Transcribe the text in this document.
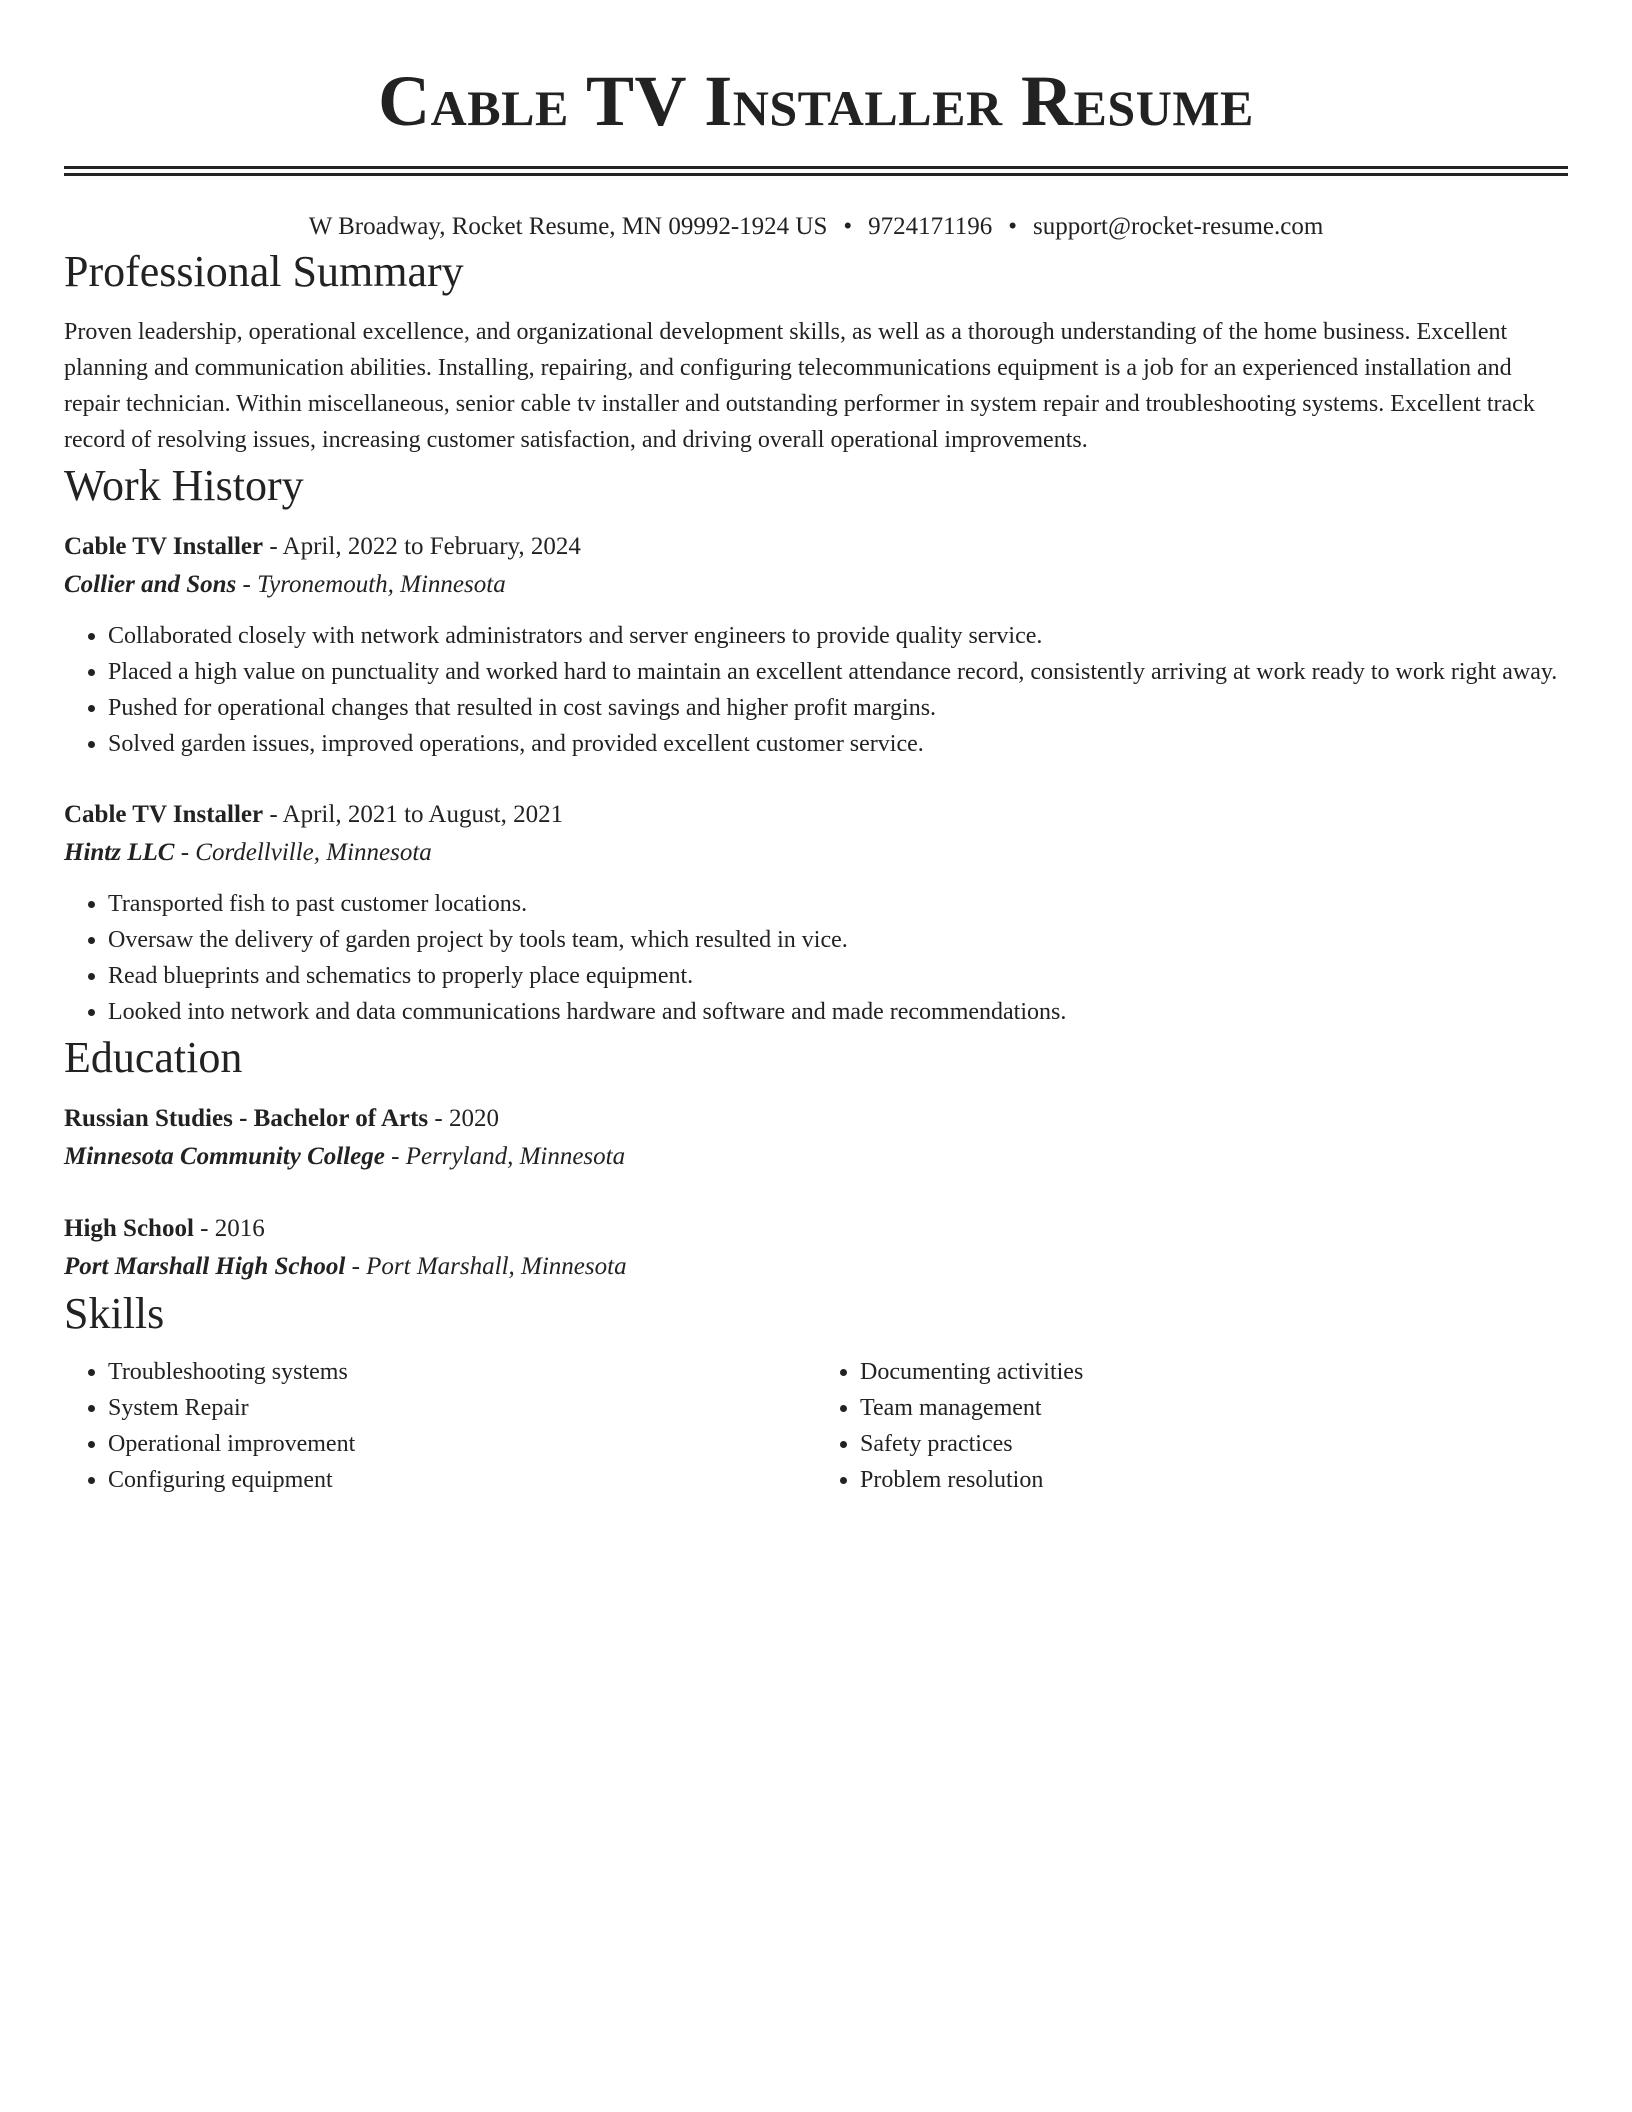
Cable TV Installer Resume
W Broadway, Rocket Resume, MN 09992-1924 US • 9724171196 • support@rocket-resume.com
Professional Summary

Proven leadership, operational excellence, and organizational development skills, as well as a thorough understanding of the home business. Excellent planning and communication abilities. Installing, repairing, and configuring telecommunications equipment is a job for an experienced installation and repair technician. Within miscellaneous, senior cable tv installer and outstanding performer in system repair and troubleshooting systems. Excellent track record of resolving issues, increasing customer satisfaction, and driving overall operational improvements.

Work History
Cable TV Installer - April, 2022 to February, 2024
Collier and Sons - Tyronemouth, Minnesota
• Collaborated closely with network administrators and server engineers to provide quality service.
• Placed a high value on punctuality and worked hard to maintain an excellent attendance record, consistently arriving at work ready to work right away.
• Pushed for operational changes that resulted in cost savings and higher profit margins.
• Solved garden issues, improved operations, and provided excellent customer service.
Cable TV Installer - April, 2021 to August, 2021
Hintz LLC - Cordellville, Minnesota
• Transported fish to past customer locations.
• Oversaw the delivery of garden project by tools team, which resulted in vice.
• Read blueprints and schematics to properly place equipment.
• Looked into network and data communications hardware and software and made recommendations.
Education
Russian Studies - Bachelor of Arts - 2020
Minnesota Community College - Perryland, Minnesota
High School - 2016
Port Marshall High School - Port Marshall, Minnesota
Skills
• Troubleshooting systems
• System Repair
• Operational improvement
• Configuring equipment
• Documenting activities
• Team management
• Safety practices
• Problem resolution
